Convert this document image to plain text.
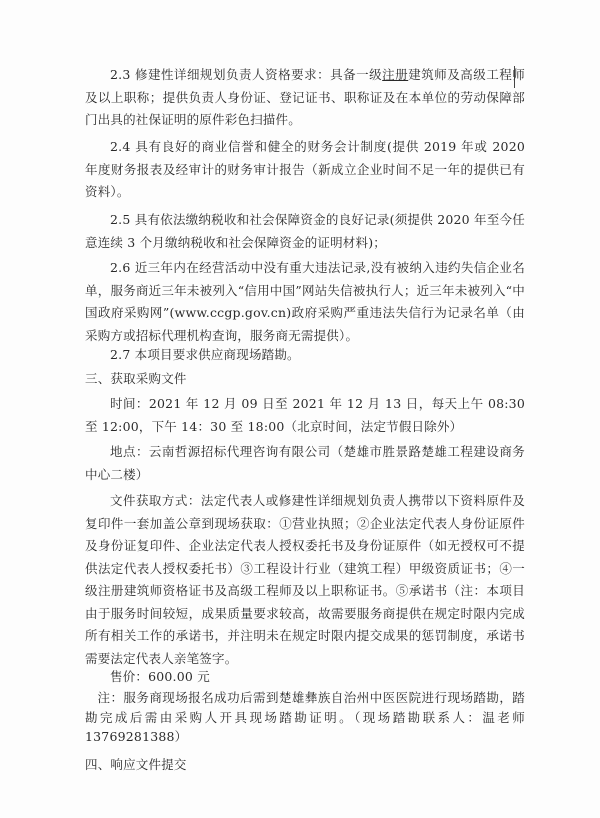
2.3 修建性详细规划负责人资格要求：具备一级注册建筑师及高级工程师及以上职称；提供负责人身份证、登记证书、职称证及在本单位的劳动保障部门出具的社保证明的原件彩色扫描件。

2.4 具有良好的商业信誉和健全的财务会计制度(提供 2019 年或 2020 年度财务报表及经审计的财务审计报告（新成立企业时间不足一年的提供已有资料）。

2.5 具有依法缴纳税收和社会保障资金的良好记录(须提供 2020 年至今任意连续 3 个月缴纳税收和社会保障资金的证明材料)；

2.6 近三年内在经营活动中没有重大违法记录,没有被纳入违约失信企业名单，服务商近三年未被列入“信用中国”网站失信被执行人；近三年未被列入“中国政府采购网”(www.ccgp.gov.cn)政府采购严重违法失信行为记录名单（由采购方或招标代理机构查询，服务商无需提供）。

2.7 本项目要求供应商现场踏勘。

三、获取采购文件

时间：2021 年 12 月 09 日至 2021 年 12 月 13 日，每天上午 08:30 至 12:00，下午 14：30 至 18:00（北京时间，法定节假日除外）

地点：云南哲源招标代理咨询有限公司（楚雄市胜景路楚雄工程建设商务中心二楼）

文件获取方式：法定代表人或修建性详细规划负责人携带以下资料原件及复印件一套加盖公章到现场获取：①营业执照；②企业法定代表人身份证原件及身份证复印件、企业法定代表人授权委托书及身份证原件（如无授权可不提供法定代表人授权委托书）③工程设计行业（建筑工程）甲级资质证书；④一级注册建筑师资格证书及高级工程师及以上职称证书。⑤承诺书（注：本项目由于服务时间较短，成果质量要求较高，故需要服务商提供在规定时限内完成所有相关工作的承诺书，并注明未在规定时限内提交成果的惩罚制度，承诺书需要法定代表人亲笔签字。

售价：600.00 元

注：服务商现场报名成功后需到楚雄彝族自治州中医医院进行现场踏勘，踏勘完成后需由采购人开具现场踏勘证明。（现场踏勘联系人：温老师 13769281388）

四、响应文件提交
